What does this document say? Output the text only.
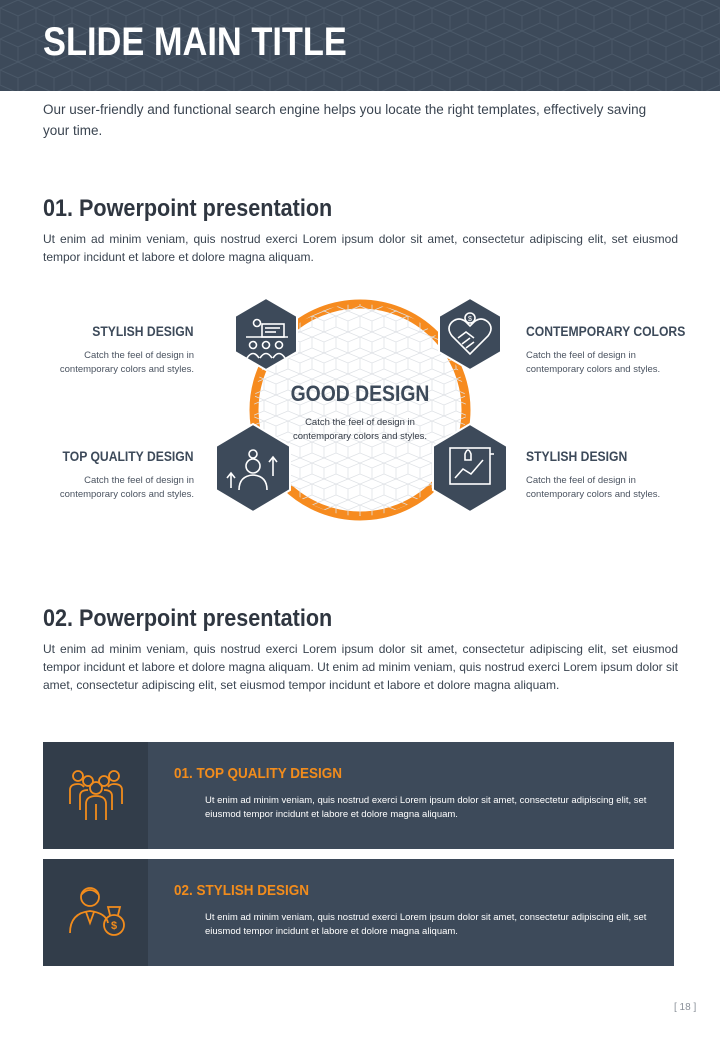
SLIDE MAIN TITLE
Our user-friendly and functional search engine helps you locate the right templates, effectively saving your time.
01. Powerpoint presentation
Ut enim ad minim veniam, quis nostrud exerci Lorem ipsum dolor sit amet, consectetur adipiscing elit, set eiusmod tempor incidunt et labore et dolore magna aliquam.
$
STYLISH DESIGN
Catch the feel of design in contemporary colors and styles.
CONTEMPORARY COLORS
Catch the feel of design in contemporary colors and styles.
TOP QUALITY DESIGN
Catch the feel of design in contemporary colors and styles.
STYLISH DESIGN
Catch the feel of design in contemporary colors and styles.
GOOD DESIGN
Catch the feel of design in contemporary colors and styles.
02. Powerpoint presentation
Ut enim ad minim veniam, quis nostrud exerci Lorem ipsum dolor sit amet, consectetur adipiscing elit, set eiusmod tempor incidunt et labore et dolore magna aliquam. Ut enim ad minim veniam, quis nostrud exerci Lorem ipsum dolor sit amet, consectetur adipiscing elit, set eiusmod tempor incidunt et labore et dolore magna aliquam.
01. TOP QUALITY DESIGN
Ut enim ad minim veniam, quis nostrud exerci Lorem ipsum dolor sit amet, consectetur adipiscing elit, set eiusmod tempor incidunt et labore et dolore magna aliquam.
$
02. STYLISH DESIGN
Ut enim ad minim veniam, quis nostrud exerci Lorem ipsum dolor sit amet, consectetur adipiscing elit, set eiusmod tempor incidunt et labore et dolore magna aliquam.
[ 18 ]
